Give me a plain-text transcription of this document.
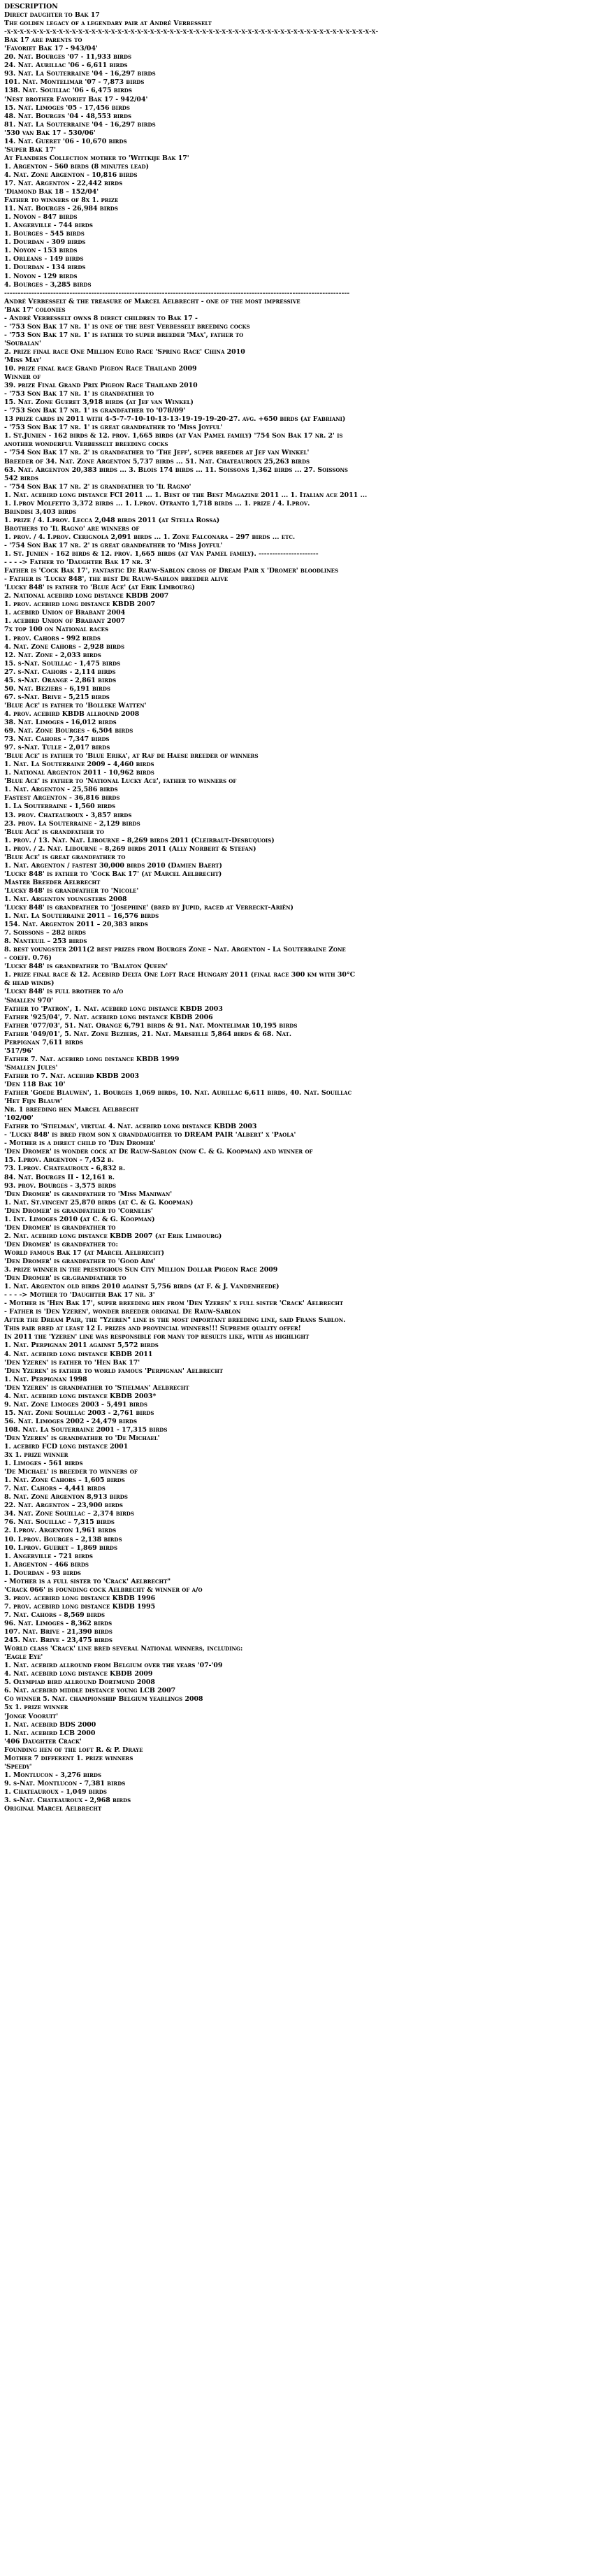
DESCRIPTION
Direct daughter to Bak 17
The golden legacy of a legendary pair at André Verbesselt
-x-x-x-x-x-x-x-x-x-x-x-x-x-x-x-x-x-x-x-x-x-x-x-x-x-x-x-x-x-x-x-x-x-x-x-x-x-x-x-x-x-x-x-x-x-x-x-x-x-x-x-x-x-x-x-x-x-
Bak 17 are parents to
'Favoriet Bak 17 - 943/04'
20. Nat. Bourges '07 - 11,933 birds
24. Nat. Aurillac '06 - 6,611 birds
93. Nat. La Souterraine '04 - 16,297 birds
101. Nat. Montelimar '07 - 7,873 birds
138. Nat. Souillac '06 - 6,475 birds
'Nest brother Favoriet Bak 17 - 942/04'
15. Nat. Limoges '05 - 17,456 birds
48. Nat. Bourges '04 - 48,553 birds
81. Nat. La Souterraine '04 - 16,297 birds
'530 van Bak 17 - 530/06'
14. Nat. Gueret '06 - 10,670 birds
'Super Bak 17'
At Flanders Collection mother to 'Wittkije Bak 17'
1. Argenton - 560 birds (8 minutes lead)
4. Nat. Zone Argenton - 10,816 birds
17. Nat. Argenton - 22,442 birds
'Diamond Bak 18 – 152/04'
Father to winners of 8x 1. prize
11. Nat. Bourges - 26,984 birds
1. Noyon - 847 birds
1. Angerville - 744 birds
1. Bourges - 545 birds
1. Dourdan - 309 birds
1. Noyon - 153 birds
1. Orleans - 149 birds
1. Dourdan - 134 birds
1. Noyon - 129 birds
4. Bourges - 3,285 birds
-------------------------------------------------------------------------------------------------------------------------------
André Verbesselt & the treasure of Marcel Aelbrecht - one of the most impressive
'Bak 17' colonies
- André Verbesselt owns 8 direct children to Bak 17 -
- '753 Son Bak 17 nr. 1' is one of the best Verbesselt breeding cocks
- '753 Son Bak 17 nr. 1' is father to super breeder 'Max', father to
'Soubalan'
2. prize final race One Million Euro Race 'Spring Race' China 2010
'Miss May'
10. prize final race Grand Pigeon Race Thailand 2009
Winner of
39. prize Final Grand Prix Pigeon Race Thailand 2010
- '753 Son Bak 17 nr. 1' is grandfather to
15. Nat. Zone Gueret 3,918 birds (at Jef van Winkel)
- '753 Son Bak 17 nr. 1' is grandfather to '078/09'
13 prize cards in 2011 with 4-5-7-7-10-10-13-13-19-19-19-20-27. avg. +650 birds (at Fabriani)
- '753 Son Bak 17 nr. 1' is great grandfather to 'Miss Joyful'
1. St.Junien - 162 birds & 12. prov. 1,665 birds (at Van Pamel family) '754 Son Bak 17 nr. 2' is
another wonderful Verbesselt breeding cocks
- '754 Son Bak 17 nr. 2' is grandfather to 'The Jeff', super breeder at Jef van Winkel'
Breeder of 34. Nat. Zone Argenton 5,737 birds ... 51. Nat. Chateauroux 25,263 birds
63. Nat. Argenton 20,383 birds ... 3. Blois 174 birds ... 11. Soissons 1,362 birds ... 27. Soissons
542 birds
- '754 Son Bak 17 nr. 2' is grandfather to 'Il Ragno'
1. Nat. acebird long distance FCI 2011 ... 1. Best of the Best Magazine 2011 ... 1. Italian ace 2011 ...
1. I.prov Molfetto 3,372 birds ... 1. I.prov. Otranto 1,718 birds ... 1. prize / 4. I.prov.
Brindisi 3,403 birds
1. prize / 4. I.prov. Lecca 2,048 birds 2011 (at Stella Rossa)
Brothers to 'Il Ragno' are winners of
1. prov. / 4. I.prov. Cerignola 2,091 birds ... 1. Zone Falconara – 297 birds ... etc.
- '754 Son Bak 17 nr. 2' is great grandfather to 'Miss Joyful'
1. St. Junien - 162 birds & 12. prov. 1,665 birds (at Van Pamel family). ----------------------
- - - -> Father to 'Daughter Bak 17 nr. 3'
Father is 'Cock Bak 17', fantastic De Rauw-Sablon cross of Dream Pair x 'Dromer' bloodlines
- Father is 'Lucky 848', the best De Rauw-Sablon breeder alive
'Lucky 848' is father to 'Blue Ace' (at Erik Limbourg)
2. National acebird long distance KBDB 2007
1. prov. acebird long distance KBDB 2007
1. acebird Union of Brabant 2004
1. acebird Union of Brabant 2007
7x top 100 on National races
1. prov. Cahors - 992 birds
4. Nat. Zone Cahors - 2,928 birds
12. Nat. Zone - 2,033 birds
15. s-Nat. Souillac - 1,475 birds
27. s-Nat. Cahors - 2,114 birds
45. s-Nat. Orange - 2,861 birds
50. Nat. Beziers - 6,191 birds
67. s-Nat. Brive - 5,215 birds
'Blue Ace' is father to 'Bolleke Watten'
4. prov. acebird KBDB allround 2008
38. Nat. Limoges - 16,012 birds
69. Nat. Zone Bourges - 6,504 birds
73. Nat. Cahors - 7,347 birds
97. s-Nat. Tulle - 2,017 birds
'Blue Ace' is father to 'Blue Erika', at Raf de Haese breeder of winners
1. Nat. La Souterraine 2009 – 4,460 birds
1. National Argenton 2011 - 10,962 birds
'Blue Ace' is father to 'National Lucky Ace', father to winners of
1. Nat. Argenton - 25,586 birds
Fastest Argenton - 36,816 birds
1. La Souterraine - 1,560 birds
13. prov. Chateauroux - 3,857 birds
23. prov. La Souterraine - 2,129 birds
'Blue Ace' is grandfather to
1. prov. / 13. Nat. Nat. Libourne – 8,269 birds 2011 (Cleirbaut-Desbuquois)
1. prov. / 2. Nat. Libourne – 8,269 birds 2011 (Ally Norbert & Stefan)
'Blue Ace' is great grandfather to
1. Nat. Argenton / fastest 30,000 birds 2010 (Damien Baert)
'Lucky 848' is father to 'Cock Bak 17' (at Marcel Aelbrecht)
Master Breeder Aelbrecht
'Lucky 848' is grandfather to 'Nicole'
1. Nat. Argenton youngsters 2008
'Lucky 848' is grandfather to 'Josephine' (bred by Jupid, raced at Verreckt-Ariën)
1. Nat. La Souterraine 2011 – 16,576 birds
154. Nat. Argenton 2011 – 20,383 birds
7. Soissons – 282 birds
8. Nanteuil – 253 birds
8. best youngster 2011(2 best prizes from Bourges Zone – Nat. Argenton - La Souterraine Zone
- coeff. 0.76)
'Lucky 848' is grandfather to 'Balaton Queen'
1. prize final race & 12. Acebird Delta One Loft Race Hungary 2011 (final race 300 km with 30°C
& head winds)
'Lucky 848' is full brother to a/o
'Smallen 970'
Father to 'Patron', 1. Nat. acebird long distance KBDB 2003
Father '925/04', 7. Nat. acebird long distance KBDB 2006
Father '077/03', 51. Nat. Orange 6,791 birds & 91. Nat. Montelimar 10,195 birds
Father '049/01', 5. Nat. Zone Beziers, 21. Nat. Marseille 5,864 birds & 68. Nat.
Perpignan 7,611 birds
'517/96'
Father 7. Nat. acebird long distance KBDB 1999
'Smallen Jules'
Father to 7. Nat. acebird KBDB 2003
'Den 118 Bak 10'
Father 'Goede Blauwen', 1. Bourges 1,069 birds, 10. Nat. Aurillac 6,611 birds, 40. Nat. Souillac
'Het Fijn Blauw'
Nr. 1 breeding hen Marcel Aelbrecht
'102/00'
Father to 'Stielman', virtual 4. Nat. acebird long distance KBDB 2003
- 'Lucky 848' is bred from son x granddaughter to DREAM PAIR 'Albert' x 'Paola'
- Mother is a direct child to 'Den Dromer'
'Den Dromer' is wonder cock at De Rauw-Sablon (now C. & G. Koopman) and winner of
15. I.prov. Argenton - 7,452 b.
73. I.prov. Chateauroux - 6,832 b.
84. Nat. Bourges II - 12,161 b.
93. prov. Bourges - 3,575 birds
'Den Dromer' is grandfather to 'Miss Maniwan'
1. Nat. St.vincent 25,870 birds (at C. & G. Koopman)
'Den Dromer' is grandfather to 'Cornelis'
1. Int. Limoges 2010 (at C. & G. Koopman)
'Den Dromer' is grandfather to
2. Nat. acebird long distance KBDB 2007 (at Erik Limbourg)
'Den Dromer' is grandfather to:
World famous Bak 17 (at Marcel Aelbrecht)
'Den Dromer' is grandfather to 'Good Aim'
3. prize winner in the prestigious Sun City Million Dollar Pigeon Race 2009
'Den Dromer' is gr.grandfather to
1. Nat. Argenton old birds 2010 against 5,756 birds (at F. & J. Vandenheede)
- - - -> Mother to 'Daughter Bak 17 nr. 3'
- Mother is 'Hen Bak 17', super breeding hen from 'Den Yzeren' x full sister 'Crack' Aelbrecht
- Father is 'Den Yzeren', wonder breeder original De Rauw-Sablon
After the Dream Pair, the "Yzeren" line is the most important breeding line, said Frans Sablon.
This pair bred at least 12 I. prizes and provincial winners!!! Supreme quality offer!
In 2011 the 'Yzeren' line was responsible for many top results like, with as highlight
1. Nat. Perpignan 2011 against 5,572 birds
4. Nat. acebird long distance KBDB 2011
'Den Yzeren' is father to 'Hen Bak 17'
'Den Yzeren' is father to world famous 'Perpignan' Aelbrecht
1. Nat. Perpignan 1998
'Den Yzeren' is grandfather to 'Stielman' Aelbrecht
4. Nat. acebird long distance KBDB 2003*
9. Nat. Zone Limoges 2003 - 5,491 birds
15. Nat. Zone Souillac 2003 - 2,761 birds
56. Nat. Limoges 2002 - 24,479 birds
108. Nat. La Souterraine 2001 - 17,315 birds
'Den Yzeren' is grandfather to 'De Michael'
1. acebird FCD long distance 2001
3x 1. prize winner
1. Limoges - 561 birds
'De Michael' is breeder to winners of
1. Nat. Zone Cahors – 1,605 birds
7. Nat. Cahors – 4,441 birds
8. Nat. Zone Argenton 8,913 birds
22. Nat. Argenton – 23,900 birds
34. Nat. Zone Souillac – 2,374 birds
76. Nat. Souillac – 7,315 birds
2. I.prov. Argenton 1,961 birds
10. I.prov. Bourges – 2,138 birds
10. I.prov. Gueret – 1,869 birds
1. Angerville - 721 birds
1. Argenton - 466 birds
1. Dourdan - 93 birds
- Mother is a full sister to 'Crack' Aelbrecht"
'Crack 066' is founding cock Aelbrecht & winner of a/o
3. prov. acebird long distance KBDB 1996
7. prov. acebird long distance KBDB 1995
7. Nat. Cahors - 8,569 birds
96. Nat. Limoges - 8,362 birds
107. Nat. Brive - 21,390 birds
245. Nat. Brive - 23,475 birds
World class 'Crack' line bred several National winners, including:
'Eagle Eye'
1. Nat. acebird allround from Belgium over the years '07-'09
4. Nat. acebird long distance KBDB 2009
5. Olympiad bird allround Dortmund 2008
6. Nat. acebird middle distance young LCB 2007
Co winner 5. Nat. championship Belgium yearlings 2008
5x 1. prize winner
'Jonge Vooruit'
1. Nat. acebird BDS 2000
1. Nat. acebird LCB 2000
'406 Daughter Crack'
Founding hen of the loft R. & P. Draye
Mother 7 different 1. prize winners
'Speedy'
1. Montlucon - 3,276 birds
9. s-Nat. Montlucon - 7,381 birds
1. Chateauroux - 1,049 birds
3. s-Nat. Chateauroux - 2,968 birds
Original Marcel Aelbrecht
